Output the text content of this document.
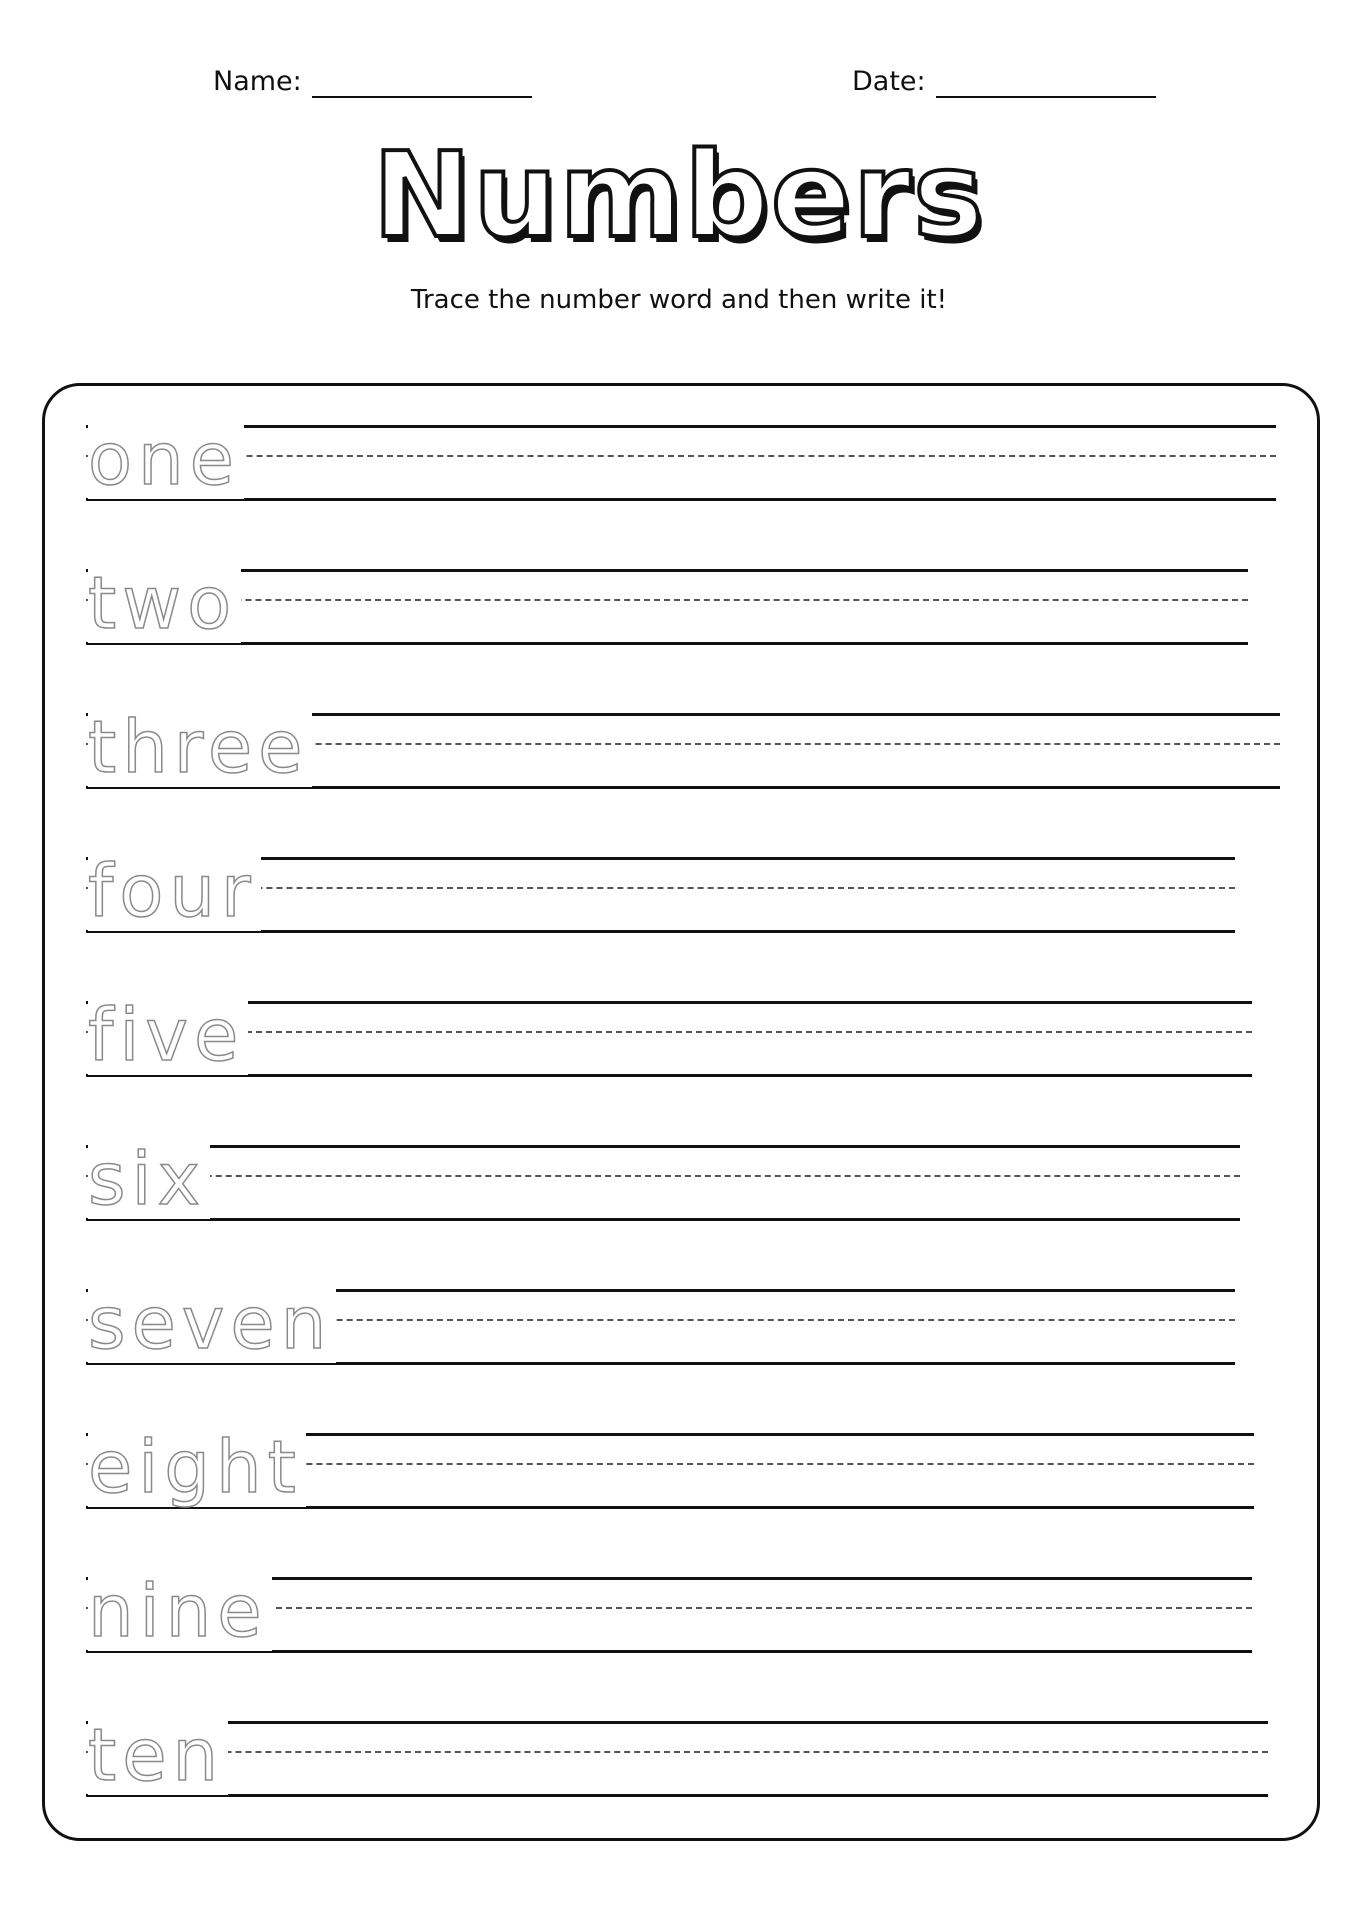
Name:	Date:
Numbers
Trace the number word and then write it!
one
two
three
four
five
six
seven
eight
nine
ten
